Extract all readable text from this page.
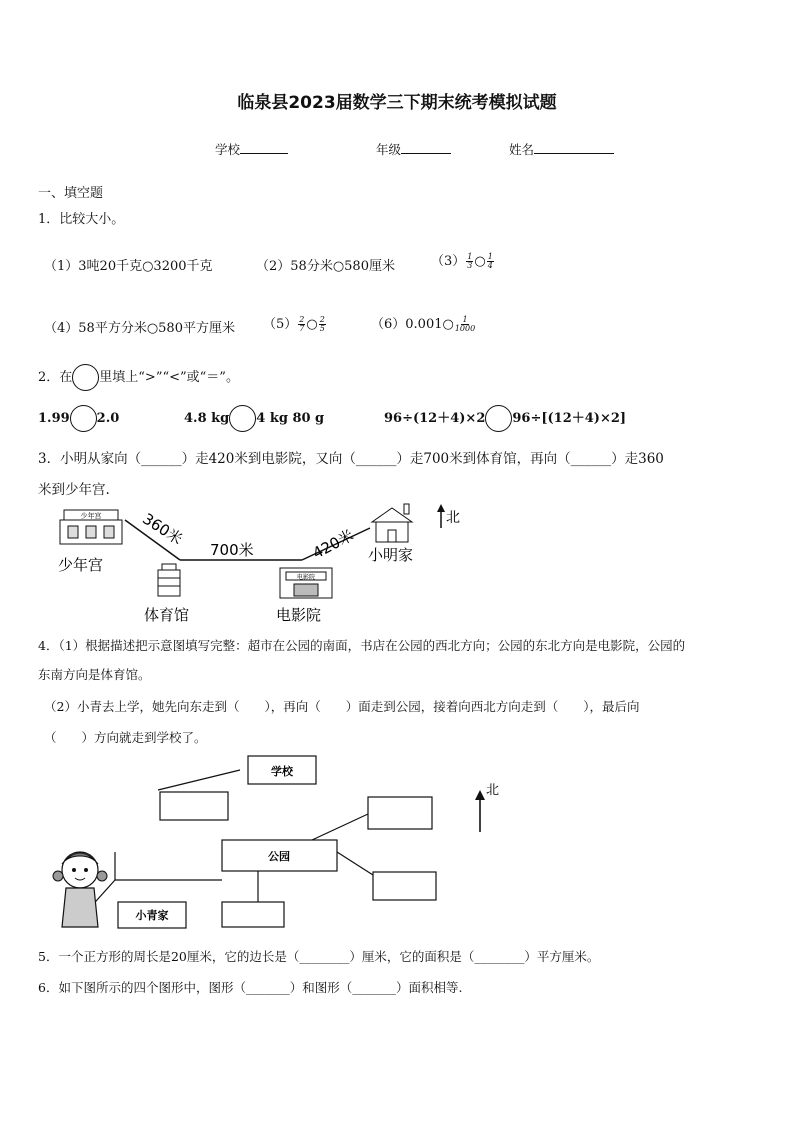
临泉县2023届数学三下期末统考模拟试题
学校	年级	姓名
一、填空题
1．比较大小。
（1）3吨20千克○3200千克	（2）58分米○580厘米	$(3) \frac{1}{3}$ ○ $\frac{1}{4}$
（4）58平方分米○580平方厘米 $(5) \frac{2}{7}$ ○ $\frac{2}{5}$	（6）0.001○ $\frac{1}{1000}$
2．在 里填上“>”“<”或“＝”。
1.99 2.0	4.8 kg 4 kg 80 g	96÷(12＋4)×2 96÷[(12＋4)×2]
3．小明从家向（______）走420米到电影院，又向（______）走700米到体育馆，再向（______）走360
米到少年宫.
少年宫
少年宫
体育馆
电影院
电影院
小明家
360米
700米	420米
北
4．（1）根据描述把示意图填写完整：超市在公园的南面，书店在公园的西北方向；公园的东北方向是电影院，公园的
东南方向是体育馆。
（2）小青去上学，她先向东走到（　　），再向（　　）面走到公园，接着向西北方向走到（　　），最后向
（　　）方向就走到学校了。
学校
公园
小青家
北
5．一个正方形的周长是20厘米，它的边长是（________）厘米，它的面积是（________）平方厘米。
6．如下图所示的四个图形中，图形（_______）和图形（_______）面积相等.
